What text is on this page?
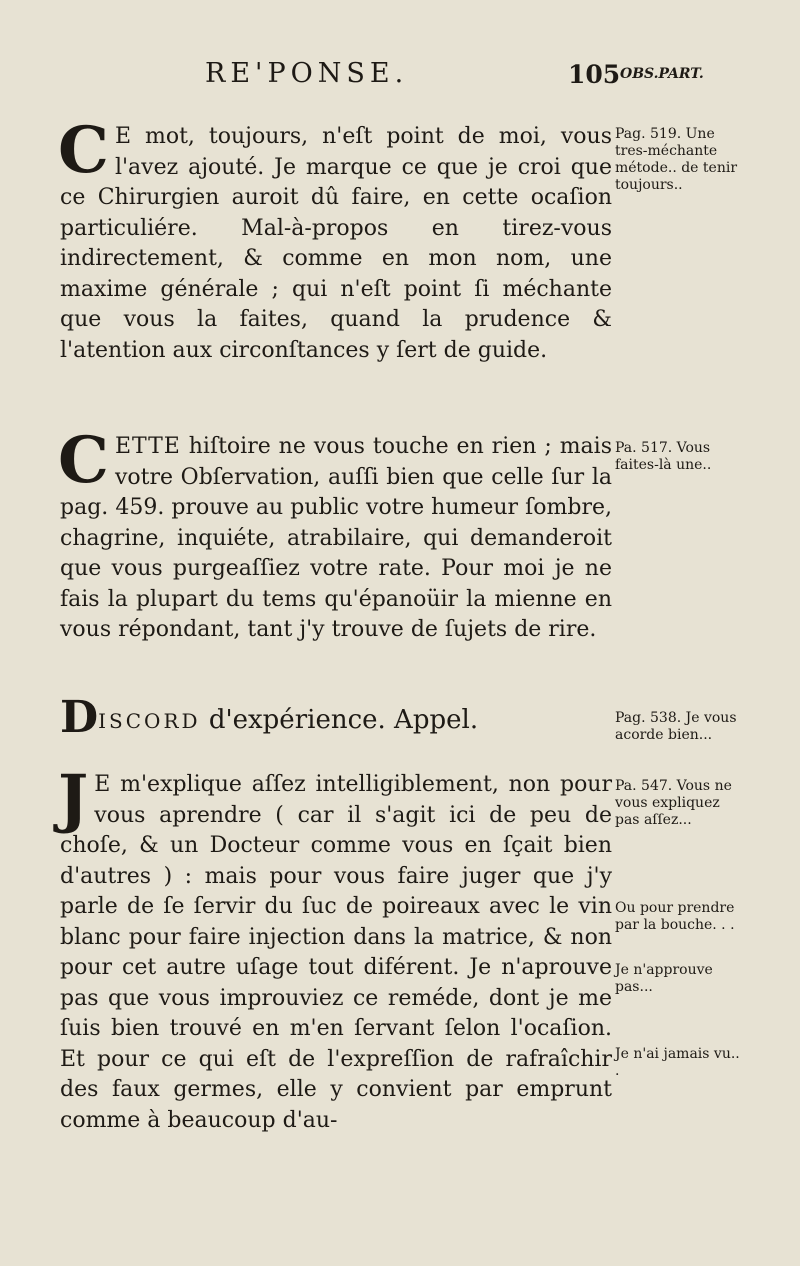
RE'PONSE.	105 OBS.PART.
C E mot, toujours, n'eſt point de moi, vous l'avez ajouté. Je marque ce que je croi que ce Chirurgien auroit dû faire, en cette ocaſion particuliére. Mal-à-propos en tirez-vous indirectement, & comme en mon nom, une maxime générale ; qui n'eſt point ſi méchante que vous la faites, quand la prudence & l'atention aux circonſtances y ſert de guide.
CETTE hiſtoire ne vous touche en rien ; mais votre Obſervation, auſſi bien que celle ſur la pag. 459. prouve au public votre humeur ſombre, chagrine, inquiéte, atrabilaire, qui demanderoit que vous purgeaſſiez votre rate. Pour moi je ne fais la plupart du tems qu'épanoüir la mienne en vous répondant, tant j'y trouve de ſujets de rire.
DISCORD d'expérience. Appel.
J E m'explique aſſez intelligiblement, non pour vous aprendre ( car il s'agit ici de peu de choſe, & un Docteur comme vous en ſçait bien d'autres ) : mais pour vous faire juger que j'y parle de ſe ſervir du ſuc de poireaux avec le vin blanc pour faire injection dans la matrice, & non pour cet autre uſage tout diférent. Je n'aprouve pas que vous improuviez ce reméde, dont je me ſuis bien trouvé en m'en ſervant ſelon l'ocaſion. Et pour ce qui eſt de l'expreſſion de rafraîchir des faux germes, elle y convient par emprunt comme à beaucoup d'au-
Pag. 519. Une tres-méchante métode.. de tenir toujours..
Pa. 517. Vous faites-là une..
Pag. 538. Je vous acorde bien...
Pa. 547. Vous ne vous expliquez pas aſſez...
Ou pour prendre par la bouche. . .
Je n'approuve pas...
Je n'ai jamais vu.. .
